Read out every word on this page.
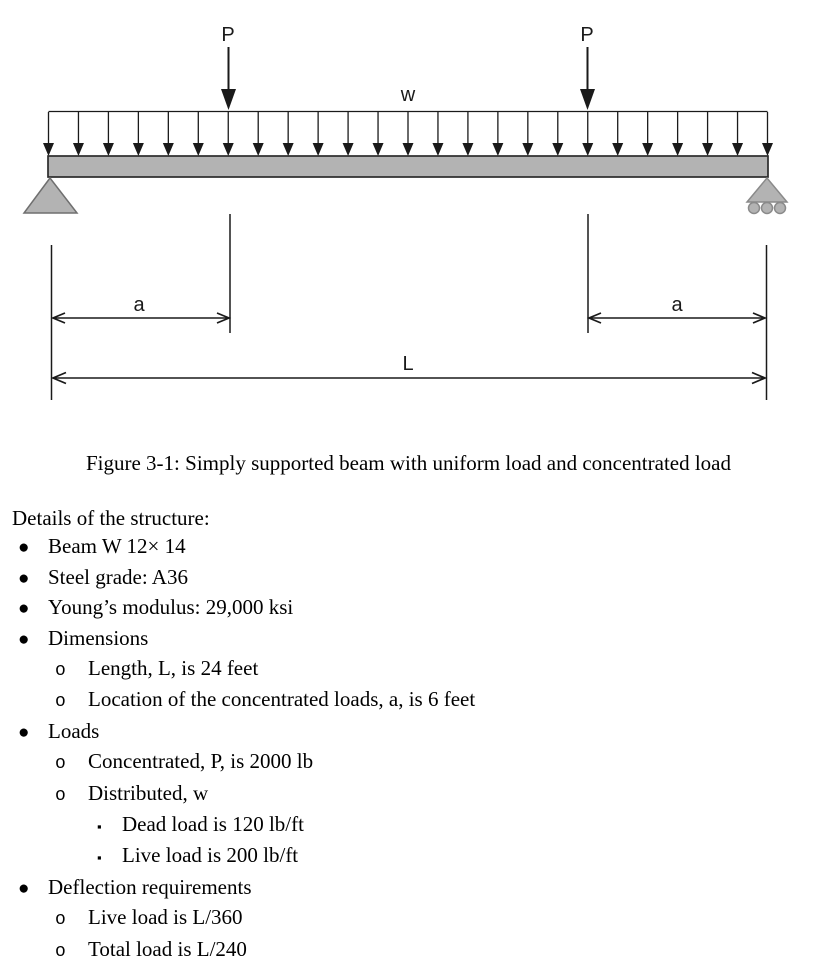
P	P
w
a	a
L
Figure 3-1: Simply supported beam with uniform load and concentrated load
Details of the structure:
● Beam W 12× 14
● Steel grade: A36
● Young’s modulus: 29,000 ksi
● Dimensions
o	Length, L, is 24 feet
o	Location of the concentrated loads, a, is 6 feet
● Loads
o	Concentrated, P, is 2000 lb
o	Distributed, w
▪ Dead load is 120 lb/ft
▪ Live load is 200 lb/ft
● Deflection requirements
o	Live load is L/360
o	Total load is L/240
